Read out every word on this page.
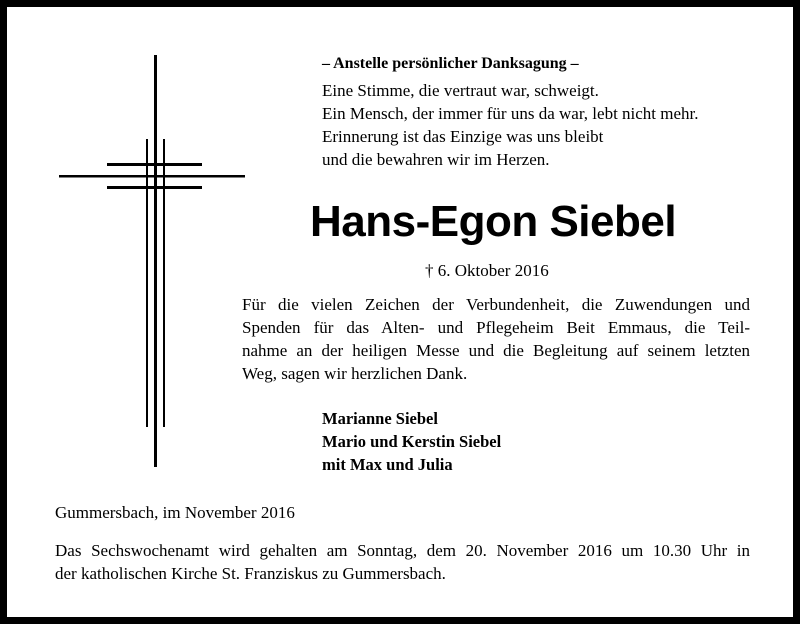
– Anstelle persönlicher Danksagung –

Eine Stimme, die vertraut war, schweigt.
Ein Mensch, der immer für uns da war, lebt nicht mehr.
Erinnerung ist das Einzige was uns bleibt
und die bewahren wir im Herzen.
Hans-Egon Siebel
† 6. Oktober 2016
Für die vielen Zeichen der Verbundenheit, die Zuwendungen und
Spenden für das Alten- und Pflegeheim Beit Emmaus, die Teil-
nahme an der heiligen Messe und die Begleitung auf seinem letzten
Weg, sagen wir herzlichen Dank.
Marianne Siebel
Mario und Kerstin Siebel
mit Max und Julia
Gummersbach, im November 2016
Das Sechswochenamt wird gehalten am Sonntag, dem 20. November 2016 um 10.30 Uhr in
der katholischen Kirche St. Franziskus zu Gummersbach.
